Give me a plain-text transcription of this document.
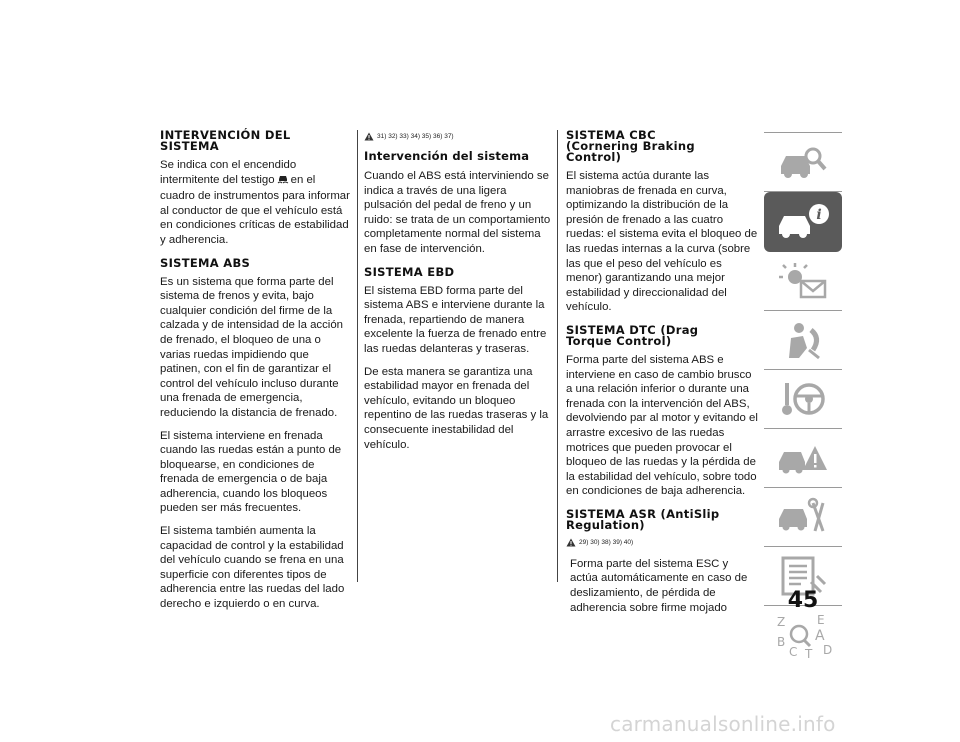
INTERVENCIÓN DEL SISTEMA

Se indica con el encendido intermitente del testigo en el cuadro de instrumentos para informar al conductor de que el vehículo está en condiciones críticas de estabilidad y adherencia.

SISTEMA ABS

Es un sistema que forma parte del sistema de frenos y evita, bajo cualquier condición del firme de la calzada y de intensidad de la acción de frenado, el bloqueo de una o varias ruedas impidiendo que patinen, con el fin de garantizar el control del vehículo incluso durante una frenada de emergencia, reduciendo la distancia de frenado.

El sistema interviene en frenada cuando las ruedas están a punto de bloquearse, en condiciones de frenada de emergencia o de baja adherencia, cuando los bloqueos pueden ser más frecuentes.

El sistema también aumenta la capacidad de control y la estabilidad del vehículo cuando se frena en una superficie con diferentes tipos de adherencia entre las ruedas del lado derecho e izquierdo o en curva.

31) 32) 33) 34) 35) 36) 37)
Intervención del sistema

Cuando el ABS está interviniendo se indica a través de una ligera pulsación del pedal de freno y un ruido: se trata de un comportamiento completamente normal del sistema en fase de intervención.

SISTEMA EBD

El sistema EBD forma parte del sistema ABS e interviene durante la frenada, repartiendo de manera excelente la fuerza de frenado entre las ruedas delanteras y traseras.

De esta manera se garantiza una estabilidad mayor en frenada del vehículo, evitando un bloqueo repentino de las ruedas traseras y la consecuente inestabilidad del vehículo.

SISTEMA CBC (Cornering Braking Control)

El sistema actúa durante las maniobras de frenada en curva, optimizando la distribución de la presión de frenado a las cuatro ruedas: el sistema evita el bloqueo de las ruedas internas a la curva (sobre las que el peso del vehículo es menor) garantizando una mejor estabilidad y direccionalidad del vehículo.

SISTEMA DTC (Drag Torque Control)

Forma parte del sistema ABS e interviene en caso de cambio brusco a una relación inferior o durante una frenada con la intervención del ABS, devolviendo par al motor y evitando el arrastre excesivo de las ruedas motrices que pueden provocar el bloqueo de las ruedas y la pérdida de la estabilidad del vehículo, sobre todo en condiciones de baja adherencia.

SISTEMA ASR (AntiSlip Regulation)
29) 30) 38) 39) 40)

Forma parte del sistema ESC y actúa automáticamente en caso de deslizamiento, de pérdida de adherencia sobre firme mojado

i
Z	E
B A
C T D
45
carmanualsonline.info
